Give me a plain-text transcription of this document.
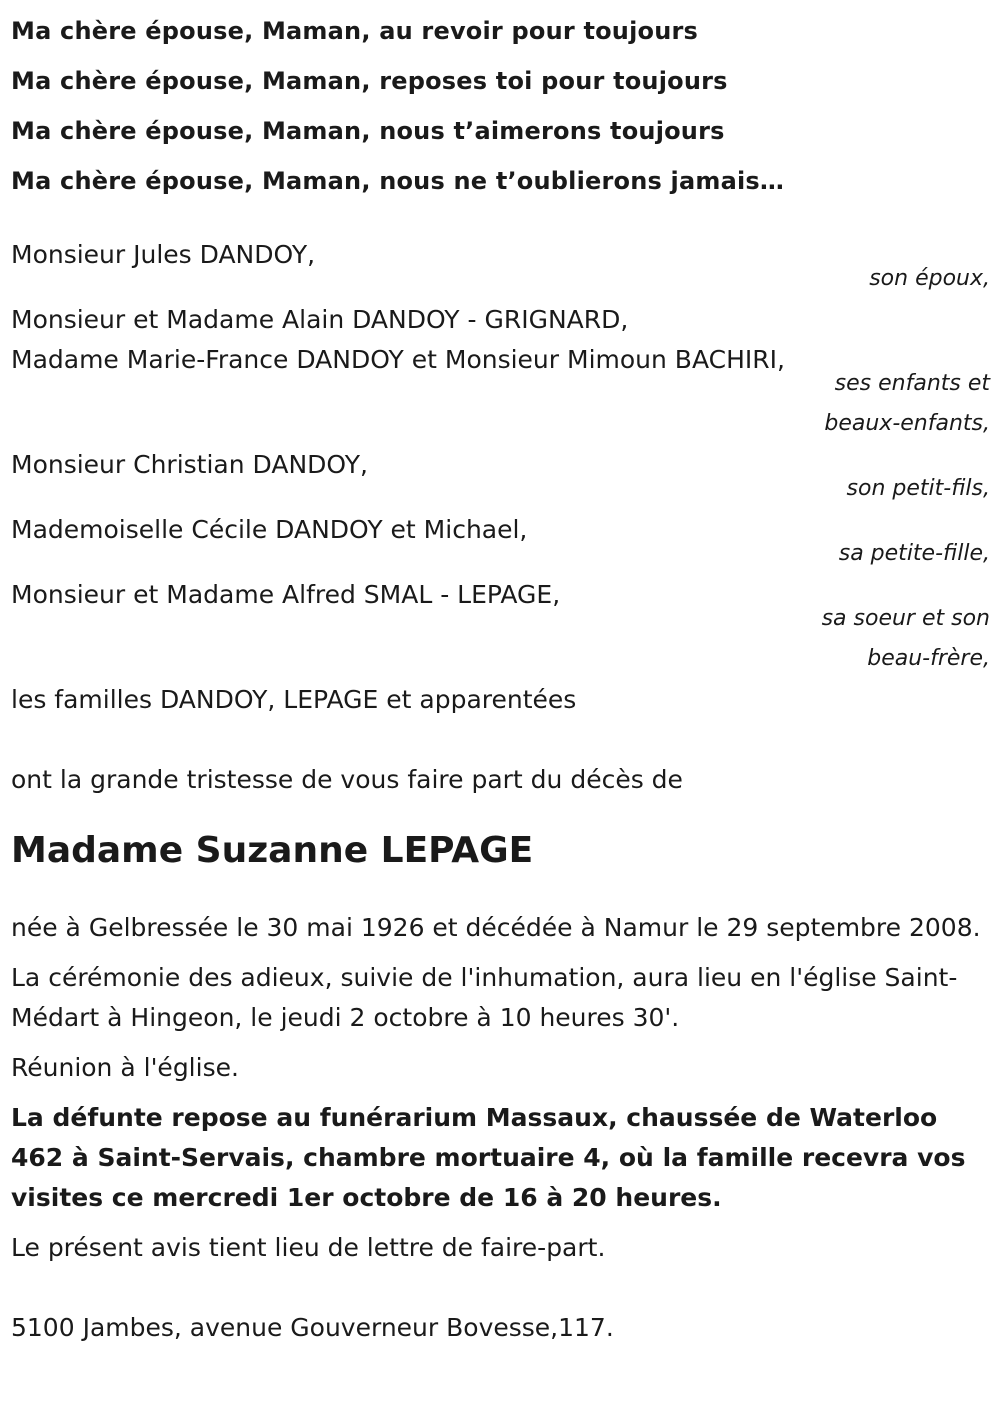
Ma chère épouse, Maman, au revoir pour toujours

Ma chère épouse, Maman, reposes toi pour toujours

Ma chère épouse, Maman, nous t’aimerons toujours

Ma chère épouse, Maman, nous ne t’oublierons jamais…

Monsieur Jules DANDOY,

son époux,

Monsieur et Madame Alain DANDOY - GRIGNARD,

Madame Marie-France DANDOY et Monsieur Mimoun BACHIRI,

ses enfants et

beaux-enfants,

Monsieur Christian DANDOY,

son petit-fils,

Mademoiselle Cécile DANDOY et Michael,

sa petite-fille,

Monsieur et Madame Alfred SMAL - LEPAGE,

sa soeur et son

beau-frère,

les familles DANDOY, LEPAGE et apparentées

ont la grande tristesse de vous faire part du décès de

Madame Suzanne LEPAGE

née à Gelbressée le 30 mai 1926 et décédée à Namur le 29 septembre 2008.

La cérémonie des adieux, suivie de l'inhumation, aura lieu en l'église Saint-Médart à Hingeon, le jeudi 2 octobre à 10 heures 30'.

Réunion à l'église.

La défunte repose au funérarium Massaux, chaussée de Waterloo 462 à Saint-Servais, chambre mortuaire 4, où la famille recevra vos visites ce mercredi 1er octobre de 16 à 20 heures.

Le présent avis tient lieu de lettre de faire-part.

5100 Jambes, avenue Gouverneur Bovesse,117.
